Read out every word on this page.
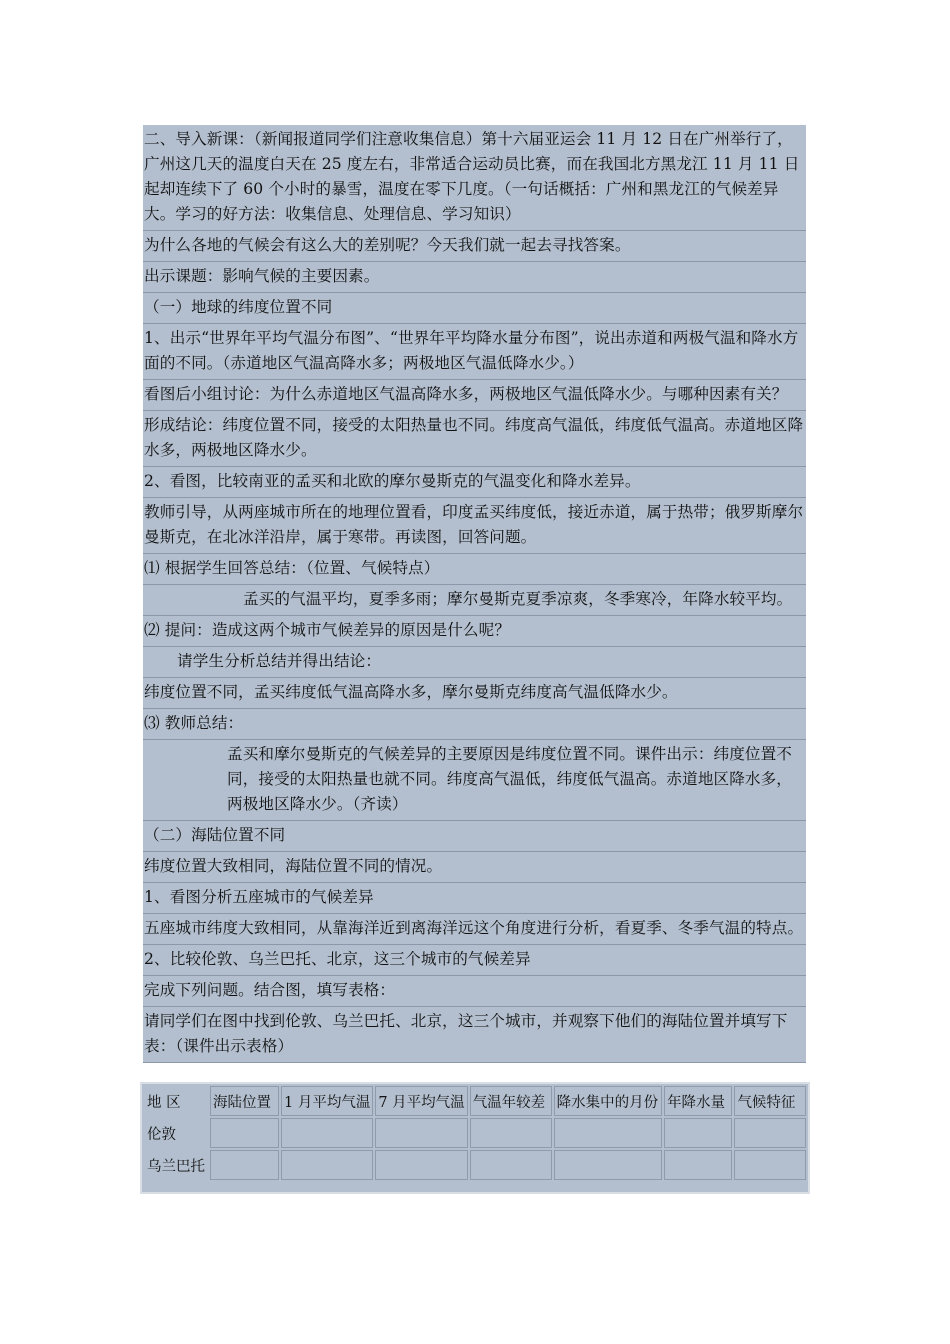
二、导入新课：（新闻报道同学们注意收集信息）第十六届亚运会 11 月 12 日在广州举行了，广州这几天的温度白天在 25 度左右，非常适合运动员比赛，而在我国北方黑龙江 11 月 11 日起却连续下了 60 个小时的暴雪，温度在零下几度。（一句话概括：广州和黑龙江的气候差异大。学习的好方法：收集信息、处理信息、学习知识）
为什么各地的气候会有这么大的差别呢？今天我们就一起去寻找答案。
出示课题：影响气候的主要因素。
（一）地球的纬度位置不同
1、出示“世界年平均气温分布图”、“世界年平均降水量分布图”，说出赤道和两极气温和降水方面的不同。（赤道地区气温高降水多；两极地区气温低降水少。）
看图后小组讨论：为什么赤道地区气温高降水多，两极地区气温低降水少。与哪种因素有关？
形成结论：纬度位置不同，接受的太阳热量也不同。纬度高气温低，纬度低气温高。赤道地区降水多，两极地区降水少。
2、看图，比较南亚的孟买和北欧的摩尔曼斯克的气温变化和降水差异。
教师引导，从两座城市所在的地理位置看，印度孟买纬度低，接近赤道，属于热带；俄罗斯摩尔曼斯克，在北冰洋沿岸，属于寒带。再读图，回答问题。
⑴ 根据学生回答总结：（位置、气候特点）
孟买的气温平均，夏季多雨；摩尔曼斯克夏季凉爽，冬季寒冷，年降水较平均。
⑵ 提问：造成这两个城市气候差异的原因是什么呢？
请学生分析总结并得出结论：
纬度位置不同，孟买纬度低气温高降水多，摩尔曼斯克纬度高气温低降水少。
⑶ 教师总结：
孟买和摩尔曼斯克的气候差异的主要原因是纬度位置不同。课件出示：纬度位置不同，接受的太阳热量也就不同。纬度高气温低，纬度低气温高。赤道地区降水多，两极地区降水少。（齐读）
（二）海陆位置不同
纬度位置大致相同，海陆位置不同的情况。
1、看图分析五座城市的气候差异
五座城市纬度大致相同，从靠海洋近到离海洋远这个角度进行分析，看夏季、冬季气温的特点。
2、比较伦敦、乌兰巴托、北京，这三个城市的气候差异
完成下列问题。结合图，填写表格：
请同学们在图中找到伦敦、乌兰巴托、北京，这三个城市，并观察下他们的海陆位置并填写下表：（课件出示表格）
地 区	海陆位置	1 月平均气温	7 月平均气温	气温年较差	降水集中的月份	年降水量	气候特征
伦敦							
乌兰巴托							
